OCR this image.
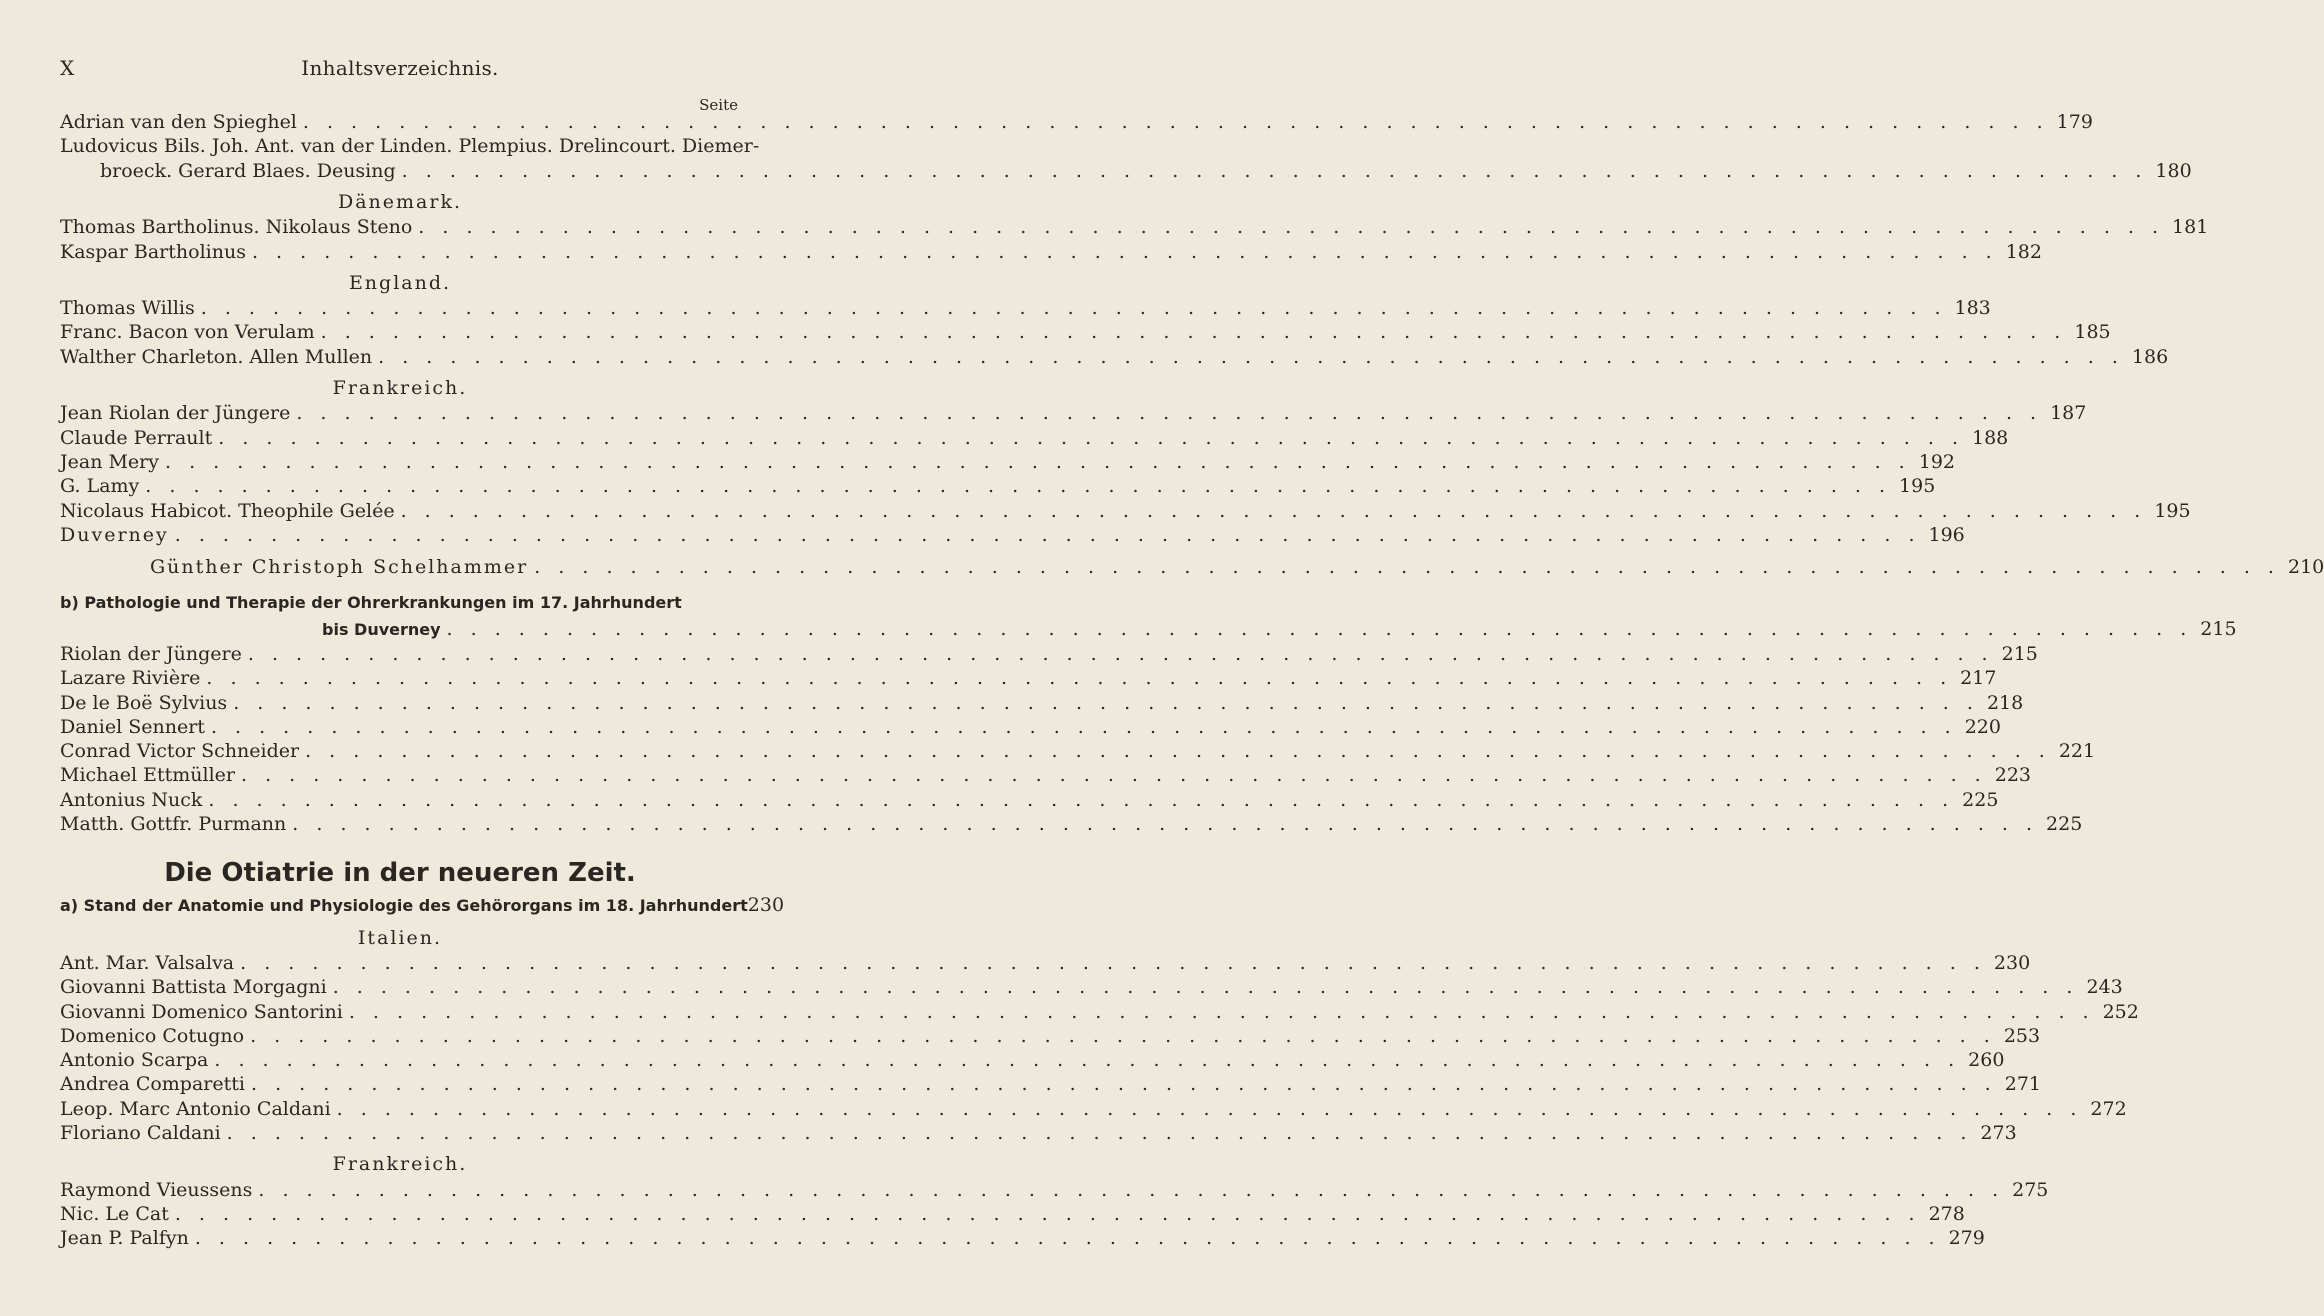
X	Inhaltsverzeichnis.
Seite
Adrian van den Spieghel . . . . . . . . . . . . . . . . . . . . . . . . . . . . . . . . . . . . . . . . . . . . . . . . . . . . . . . . . . . . . . . . . . . . . . . . . 179
Ludovicus Bils. Joh. Ant. van der Linden. Plempius. Drelincourt. Diemer-
broeck. Gerard Blaes. Deusing . . . . . . . . . . . . . . . . . . . . . . . . . . . . . . . . . . . . . . . . . . . . . . . . . . . . . . . . . . . . . . . . . . . . . . . . . 180
Dänemark.
Thomas Bartholinus. Nikolaus Steno . . . . . . . . . . . . . . . . . . . . . . . . . . . . . . . . . . . . . . . . . . . . . . . . . . . . . . . . . . . . . . . . . . . . . . . . . 181
Kaspar Bartholinus . . . . . . . . . . . . . . . . . . . . . . . . . . . . . . . . . . . . . . . . . . . . . . . . . . . . . . . . . . . . . . . . . . . . . . . . . 182
England.
Thomas Willis . . . . . . . . . . . . . . . . . . . . . . . . . . . . . . . . . . . . . . . . . . . . . . . . . . . . . . . . . . . . . . . . . . . . . . . . . 183
Franc. Bacon von Verulam . . . . . . . . . . . . . . . . . . . . . . . . . . . . . . . . . . . . . . . . . . . . . . . . . . . . . . . . . . . . . . . . . . . . . . . . . 185
Walther Charleton. Allen Mullen . . . . . . . . . . . . . . . . . . . . . . . . . . . . . . . . . . . . . . . . . . . . . . . . . . . . . . . . . . . . . . . . . . . . . . . . . 186
Frankreich.
Jean Riolan der Jüngere . . . . . . . . . . . . . . . . . . . . . . . . . . . . . . . . . . . . . . . . . . . . . . . . . . . . . . . . . . . . . . . . . . . . . . . . . 187
Claude Perrault . . . . . . . . . . . . . . . . . . . . . . . . . . . . . . . . . . . . . . . . . . . . . . . . . . . . . . . . . . . . . . . . . . . . . . . . . 188
Jean Mery . . . . . . . . . . . . . . . . . . . . . . . . . . . . . . . . . . . . . . . . . . . . . . . . . . . . . . . . . . . . . . . . . . . . . . . . . 192
G. Lamy . . . . . . . . . . . . . . . . . . . . . . . . . . . . . . . . . . . . . . . . . . . . . . . . . . . . . . . . . . . . . . . . . . . . . . . . . 195
Nicolaus Habicot. Theophile Gelée . . . . . . . . . . . . . . . . . . . . . . . . . . . . . . . . . . . . . . . . . . . . . . . . . . . . . . . . . . . . . . . . . . . . . . . . . 195
Duverney . . . . . . . . . . . . . . . . . . . . . . . . . . . . . . . . . . . . . . . . . . . . . . . . . . . . . . . . . . . . . . . . . . . . . . . . . 196
Günther Christoph Schelhammer . . . . . . . . . . . . . . . . . . . . . . . . . . . . . . . . . . . . . . . . . . . . . . . . . . . . . . . . . . . . . . . . . . . . . . . . . 210
b) Pathologie und Therapie der Ohrerkrankungen im 17. Jahrhundert
bis Duverney . . . . . . . . . . . . . . . . . . . . . . . . . . . . . . . . . . . . . . . . . . . . . . . . . . . . . . . . . . . . . . . . . . . . . . . . . 215
Riolan der Jüngere . . . . . . . . . . . . . . . . . . . . . . . . . . . . . . . . . . . . . . . . . . . . . . . . . . . . . . . . . . . . . . . . . . . . . . . . . 215
Lazare Rivière . . . . . . . . . . . . . . . . . . . . . . . . . . . . . . . . . . . . . . . . . . . . . . . . . . . . . . . . . . . . . . . . . . . . . . . . . 217
De le Boë Sylvius . . . . . . . . . . . . . . . . . . . . . . . . . . . . . . . . . . . . . . . . . . . . . . . . . . . . . . . . . . . . . . . . . . . . . . . . . 218
Daniel Sennert . . . . . . . . . . . . . . . . . . . . . . . . . . . . . . . . . . . . . . . . . . . . . . . . . . . . . . . . . . . . . . . . . . . . . . . . . 220
Conrad Victor Schneider . . . . . . . . . . . . . . . . . . . . . . . . . . . . . . . . . . . . . . . . . . . . . . . . . . . . . . . . . . . . . . . . . . . . . . . . . 221
Michael Ettmüller . . . . . . . . . . . . . . . . . . . . . . . . . . . . . . . . . . . . . . . . . . . . . . . . . . . . . . . . . . . . . . . . . . . . . . . . . 223
Antonius Nuck . . . . . . . . . . . . . . . . . . . . . . . . . . . . . . . . . . . . . . . . . . . . . . . . . . . . . . . . . . . . . . . . . . . . . . . . . 225
Matth. Gottfr. Purmann . . . . . . . . . . . . . . . . . . . . . . . . . . . . . . . . . . . . . . . . . . . . . . . . . . . . . . . . . . . . . . . . . . . . . . . . . 225
Die Otiatrie in der neueren Zeit.
a) Stand der Anatomie und Physiologie des Gehörorgans im 18. Jahrhundert 230
Italien.
Ant. Mar. Valsalva . . . . . . . . . . . . . . . . . . . . . . . . . . . . . . . . . . . . . . . . . . . . . . . . . . . . . . . . . . . . . . . . . . . . . . . . . 230
Giovanni Battista Morgagni . . . . . . . . . . . . . . . . . . . . . . . . . . . . . . . . . . . . . . . . . . . . . . . . . . . . . . . . . . . . . . . . . . . . . . . . . 243
Giovanni Domenico Santorini . . . . . . . . . . . . . . . . . . . . . . . . . . . . . . . . . . . . . . . . . . . . . . . . . . . . . . . . . . . . . . . . . . . . . . . . . 252
Domenico Cotugno . . . . . . . . . . . . . . . . . . . . . . . . . . . . . . . . . . . . . . . . . . . . . . . . . . . . . . . . . . . . . . . . . . . . . . . . . 253
Antonio Scarpa . . . . . . . . . . . . . . . . . . . . . . . . . . . . . . . . . . . . . . . . . . . . . . . . . . . . . . . . . . . . . . . . . . . . . . . . . 260
Andrea Comparetti . . . . . . . . . . . . . . . . . . . . . . . . . . . . . . . . . . . . . . . . . . . . . . . . . . . . . . . . . . . . . . . . . . . . . . . . . 271
Leop. Marc Antonio Caldani . . . . . . . . . . . . . . . . . . . . . . . . . . . . . . . . . . . . . . . . . . . . . . . . . . . . . . . . . . . . . . . . . . . . . . . . . 272
Floriano Caldani . . . . . . . . . . . . . . . . . . . . . . . . . . . . . . . . . . . . . . . . . . . . . . . . . . . . . . . . . . . . . . . . . . . . . . . . . 273
Frankreich.
Raymond Vieussens . . . . . . . . . . . . . . . . . . . . . . . . . . . . . . . . . . . . . . . . . . . . . . . . . . . . . . . . . . . . . . . . . . . . . . . . . 275
Nic. Le Cat . . . . . . . . . . . . . . . . . . . . . . . . . . . . . . . . . . . . . . . . . . . . . . . . . . . . . . . . . . . . . . . . . . . . . . . . . 278
Jean P. Palfyn . . . . . . . . . . . . . . . . . . . . . . . . . . . . . . . . . . . . . . . . . . . . . . . . . . . . . . . . . . . . . . . . . . . . . . . . . 279
